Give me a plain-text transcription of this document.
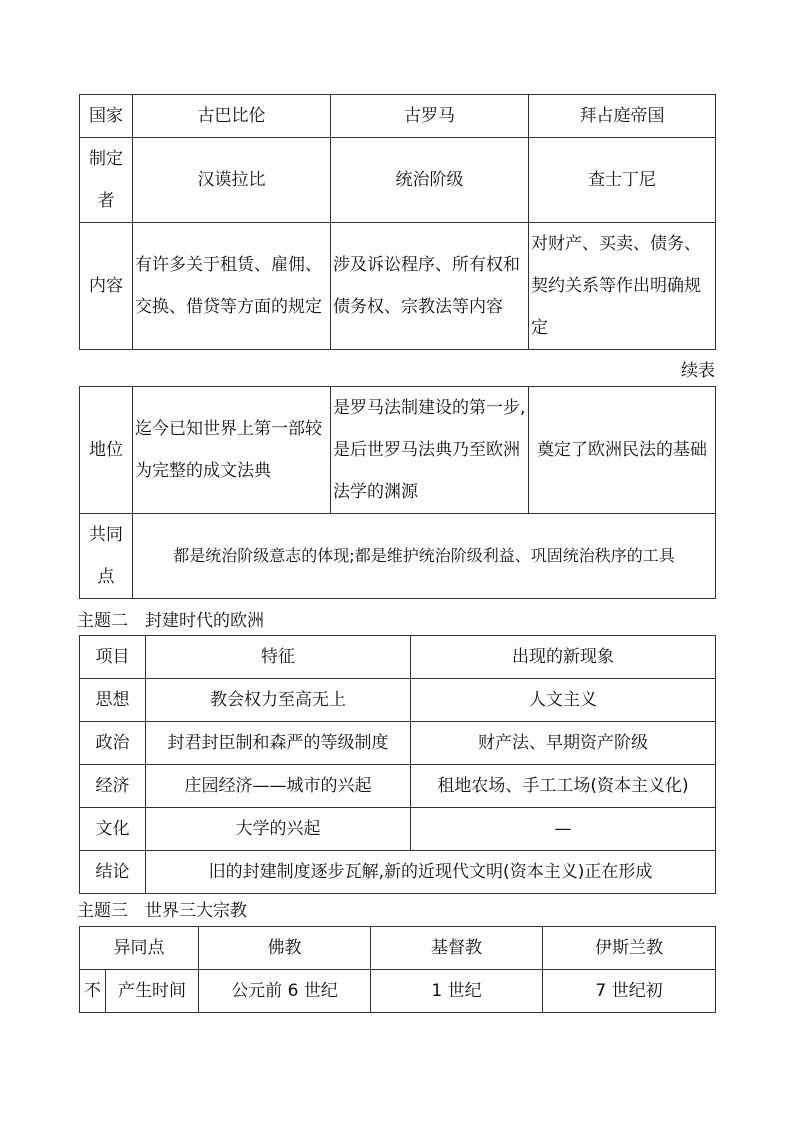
国家	古巴比伦	古罗马	拜占庭帝国
制定者	汉谟拉比	统治阶级	查士丁尼
内容	有许多关于租赁、雇佣、交换、借贷等方面的规定	涉及诉讼程序、所有权和债务权、宗教法等内容	对财产、买卖、债务、契约关系等作出明确规定
续表
地位	迄今已知世界上第一部较为完整的成文法典	是罗马法制建设的第一步,是后世罗马法典乃至欧洲法学的渊源	奠定了欧洲民法的基础
共同点	都是统治阶级意志的体现;都是维护统治阶级利益、巩固统治秩序的工具		
主题二　封建时代的欧洲
项目	特征	出现的新现象
思想	教会权力至高无上	人文主义
政治	封君封臣制和森严的等级制度	财产法、早期资产阶级
经济	庄园经济——城市的兴起	租地农场、手工工场(资本主义化)
文化	大学的兴起	—
结论	旧的封建制度逐步瓦解,新的近现代文明(资本主义)正在形成	
主题三　世界三大宗教
异同点		佛教	基督教	伊斯兰教
不	产生时间	公元前 6 世纪	1 世纪	7 世纪初
